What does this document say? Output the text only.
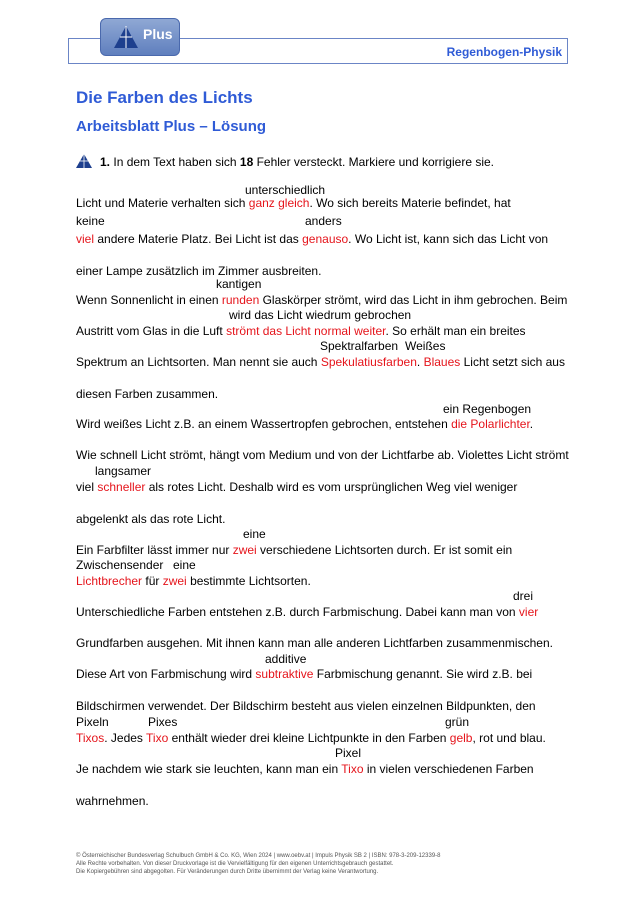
Plus
Regenbogen-Physik
Die Farben des Lichts
Arbeitsblatt Plus – Lösung
1. In dem Text haben sich 18 Fehler versteckt. Markiere und korrigiere sie.
Licht und Materie verhalten sich ganz gleich. Wo sich bereits Materie befindet, hat
viel andere Materie Platz. Bei Licht ist das genauso. Wo Licht ist, kann sich das Licht von
einer Lampe zusätzlich im Zimmer ausbreiten.
Wenn Sonnenlicht in einen runden Glaskörper strömt, wird das Licht in ihm gebrochen. Beim
Austritt vom Glas in die Luft strömt das Licht normal weiter. So erhält man ein breites
Spektrum an Lichtsorten. Man nennt sie auch Spekulatiusfarben. Blaues Licht setzt sich aus
diesen Farben zusammen.
Wird weißes Licht z.B. an einem Wassertropfen gebrochen, entstehen die Polarlichter.
Wie schnell Licht strömt, hängt vom Medium und von der Lichtfarbe ab. Violettes Licht strömt
viel schneller als rotes Licht. Deshalb wird es vom ursprünglichen Weg viel weniger
abgelenkt als das rote Licht.
Ein Farbfilter lässt immer nur zwei verschiedene Lichtsorten durch. Er ist somit ein
Lichtbrecher für zwei bestimmte Lichtsorten.
Unterschiedliche Farben entstehen z.B. durch Farbmischung. Dabei kann man von vier
Grundfarben ausgehen. Mit ihnen kann man alle anderen Lichtfarben zusammenmischen.
Diese Art von Farbmischung wird subtraktive Farbmischung genannt. Sie wird z.B. bei
Bildschirmen verwendet. Der Bildschirm besteht aus vielen einzelnen Bildpunkten, den
Tixos. Jedes Tixo enthält wieder drei kleine Lichtpunkte in den Farben gelb, rot und blau.
Je nachdem wie stark sie leuchten, kann man ein Tixo in vielen verschiedenen Farben
wahrnehmen.
unterschiedlich
keine	anders
kantigen
wird das Licht wiedrum gebrochen
Spektralfarben Weißes
ein Regenbogen
langsamer
eine
Zwischensender eine
drei
additive
Pixeln	Pixes	grün
Pixel
© Österreichischer Bundesverlag Schulbuch GmbH & Co. KG, Wien 2024 | www.oebv.at | Impuls Physik SB 2 | ISBN: 978-3-209-12339-8
Alle Rechte vorbehalten. Von dieser Druckvorlage ist die Vervielfältigung für den eigenen Unterrichtsgebrauch gestattet.
Die Kopiergebühren sind abgegolten. Für Veränderungen durch Dritte übernimmt der Verlag keine Verantwortung.
